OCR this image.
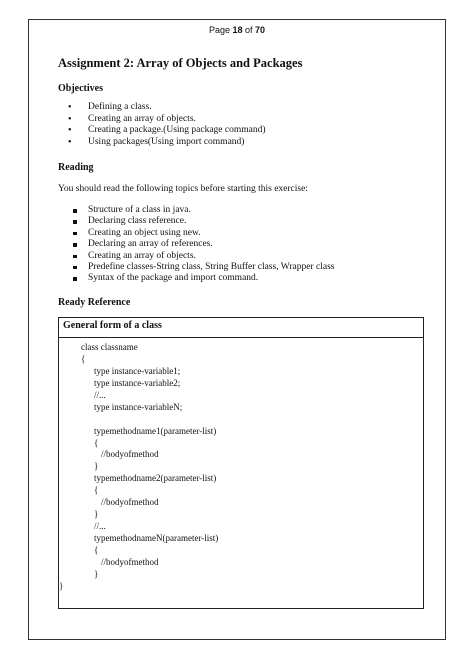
Page 18 of 70
Assignment 2: Array of Objects and Packages
Objectives
• Defining a class.
• Creating an array of objects.
• Creating a package.(Using package command)
• Using packages(Using import command)
Reading
You should read the following topics before starting this exercise:
Structure of a class in java.
Declaring class reference.
Creating an object using new.
Declaring an array of references.
Creating an array of objects.
Predefine classes-String class, String Buffer class, Wrapper class
Syntax of the package and import command.
Ready Reference
General form of a class
class classname
{
type instance-variable1;
type instance-variable2;
//...
type instance-variableN;
typemethodname1(parameter-list)
{
//bodyofmethod
}
typemethodname2(parameter-list)
{
//bodyofmethod
}
//...
typemethodnameN(parameter-list)
{
//bodyofmethod
}
}
